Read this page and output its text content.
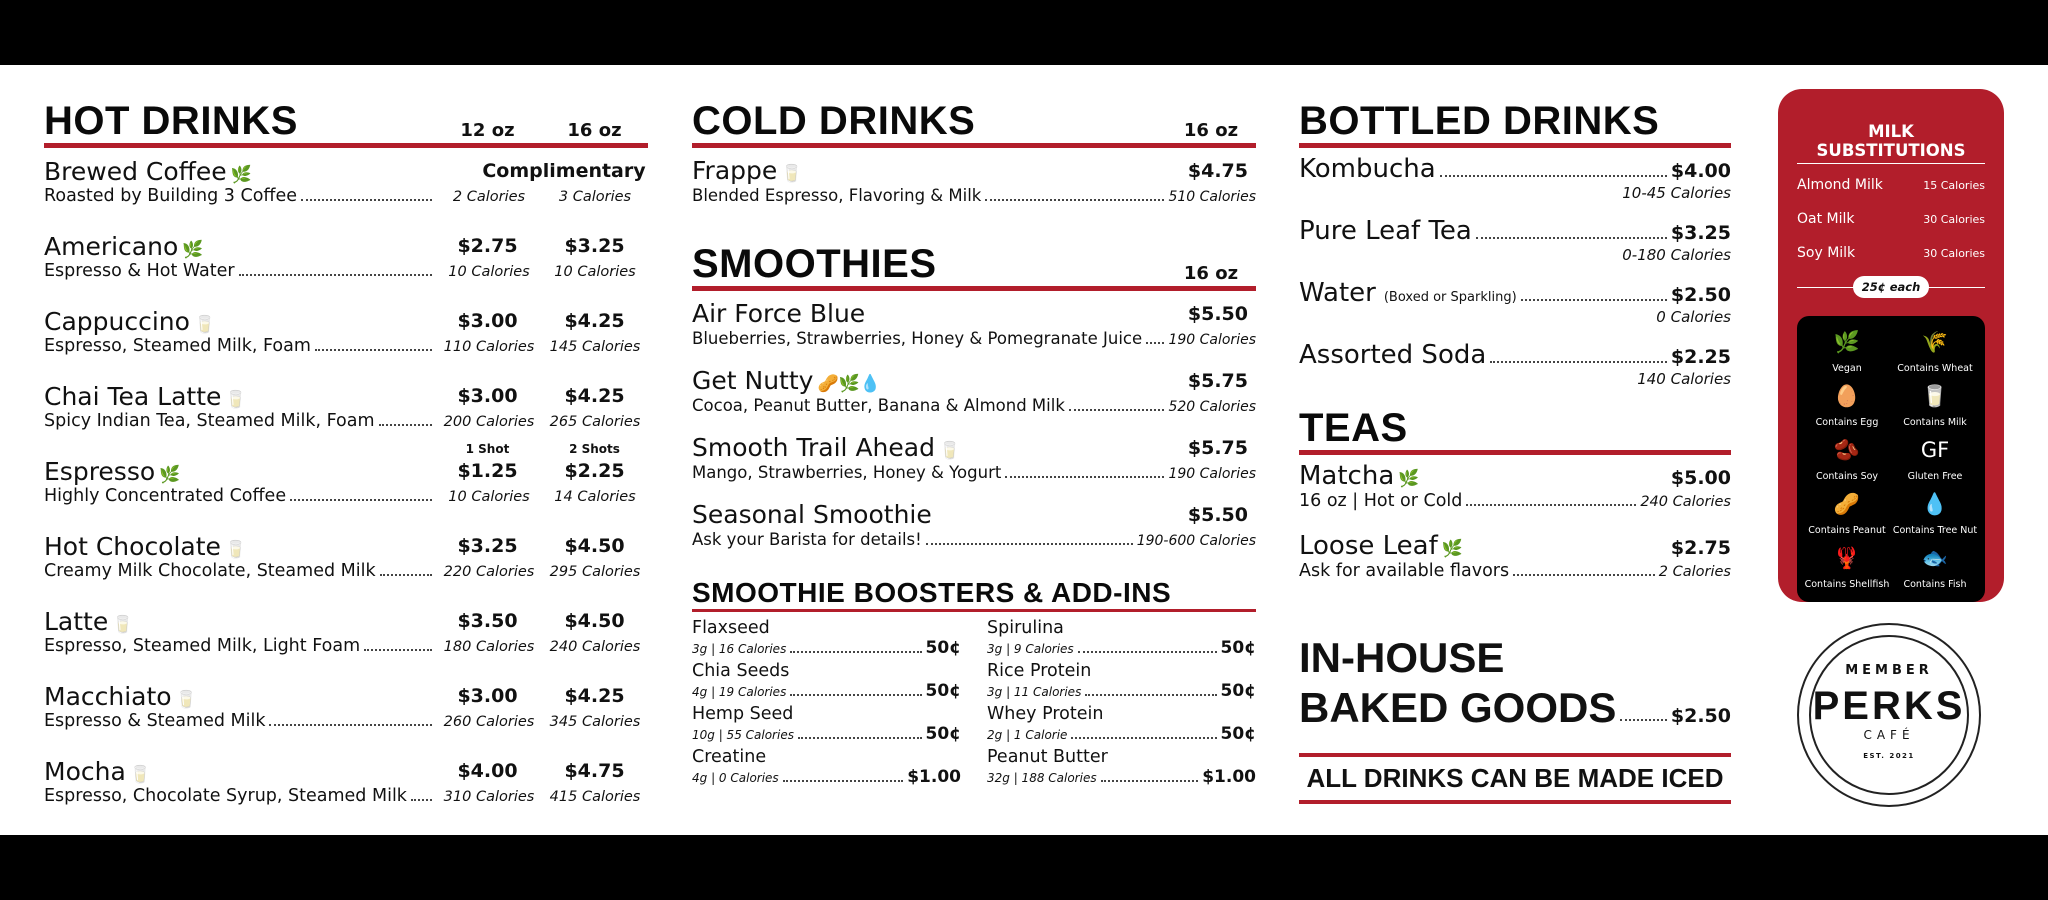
HOT DRINKS	12 oz	16 oz
Brewed Coffee 🌿	Complimentary
Roasted by Building 3 Coffee	2 Calories	3 Calories
Americano 🌿	$2.75	$3.25
Espresso & Hot Water	10 Calories	10 Calories
Cappuccino 🥛	$3.00	$4.25
Espresso, Steamed Milk, Foam	110 Calories	145 Calories
Chai Tea Latte 🥛	$3.00	$4.25
Spicy Indian Tea, Steamed Milk, Foam	200 Calories	265 Calories
Espresso 🌿
1 Shot	2 Shots
$1.25	$2.25
Highly Concentrated Coffee	10 Calories	14 Calories
Hot Chocolate 🥛	$3.25	$4.50
Creamy Milk Chocolate, Steamed Milk	220 Calories	295 Calories
Latte 🥛	$3.50	$4.50
Espresso, Steamed Milk, Light Foam	180 Calories	240 Calories
Macchiato 🥛	$3.00	$4.25
Espresso & Steamed Milk	260 Calories	345 Calories
Mocha 🥛	$4.00	$4.75
Espresso, Chocolate Syrup, Steamed Milk	310 Calories	415 Calories
COLD DRINKS	16 oz
Frappe 🥛	$4.75
Blended Espresso, Flavoring & Milk	510 Calories
SMOOTHIES	16 oz
Air Force Blue	$5.50
Blueberries, Strawberries, Honey & Pomegranate Juice 190 Calories
Get Nutty 🥜🌿💧	$5.75
Cocoa, Peanut Butter, Banana & Almond Milk	520 Calories
Smooth Trail Ahead 🥛	$5.75
Mango, Strawberries, Honey & Yogurt	190 Calories
Seasonal Smoothie	$5.50
Ask your Barista for details!	190-600 Calories
SMOOTHIE BOOSTERS & ADD-INS
Flaxseed
3g | 16 Calories	50¢
Chia Seeds
4g | 19 Calories	50¢
Hemp Seed
10g | 55 Calories	50¢
Creatine
4g | 0 Calories	$1.00
Spirulina
3g | 9 Calories	50¢
Rice Protein
3g | 11 Calories	50¢
Whey Protein
2g | 1 Calorie	50¢
Peanut Butter
32g | 188 Calories	$1.00
BOTTLED DRINKS
Kombucha	$4.00
10-45 Calories
Pure Leaf Tea	$3.25
0-180 Calories
Water (Boxed or Sparkling)	$2.50
0 Calories
Assorted Soda	$2.25
140 Calories
TEAS
Matcha 🌿	$5.00
16 oz | Hot or Cold	240 Calories
Loose Leaf 🌿	$2.75
Ask for available flavors	2 Calories
IN-HOUSE
BAKED GOODS	$2.50
ALL DRINKS CAN BE MADE ICED
MILK SUBSTITUTIONS
Almond Milk	15 Calories
Oat Milk	30 Calories
Soy Milk	30 Calories
25¢ each
🌿
Vegan
🌾
Contains Wheat
🥚
Contains Egg
🥛
Contains Milk
🫘
Contains Soy
GF
Gluten Free
🥜
Contains Peanut
💧
Contains Tree Nut
🦞
Contains Shellfish
🐟
Contains Fish
MEMBER
PERKS
CAFÉ
EST. 2021
